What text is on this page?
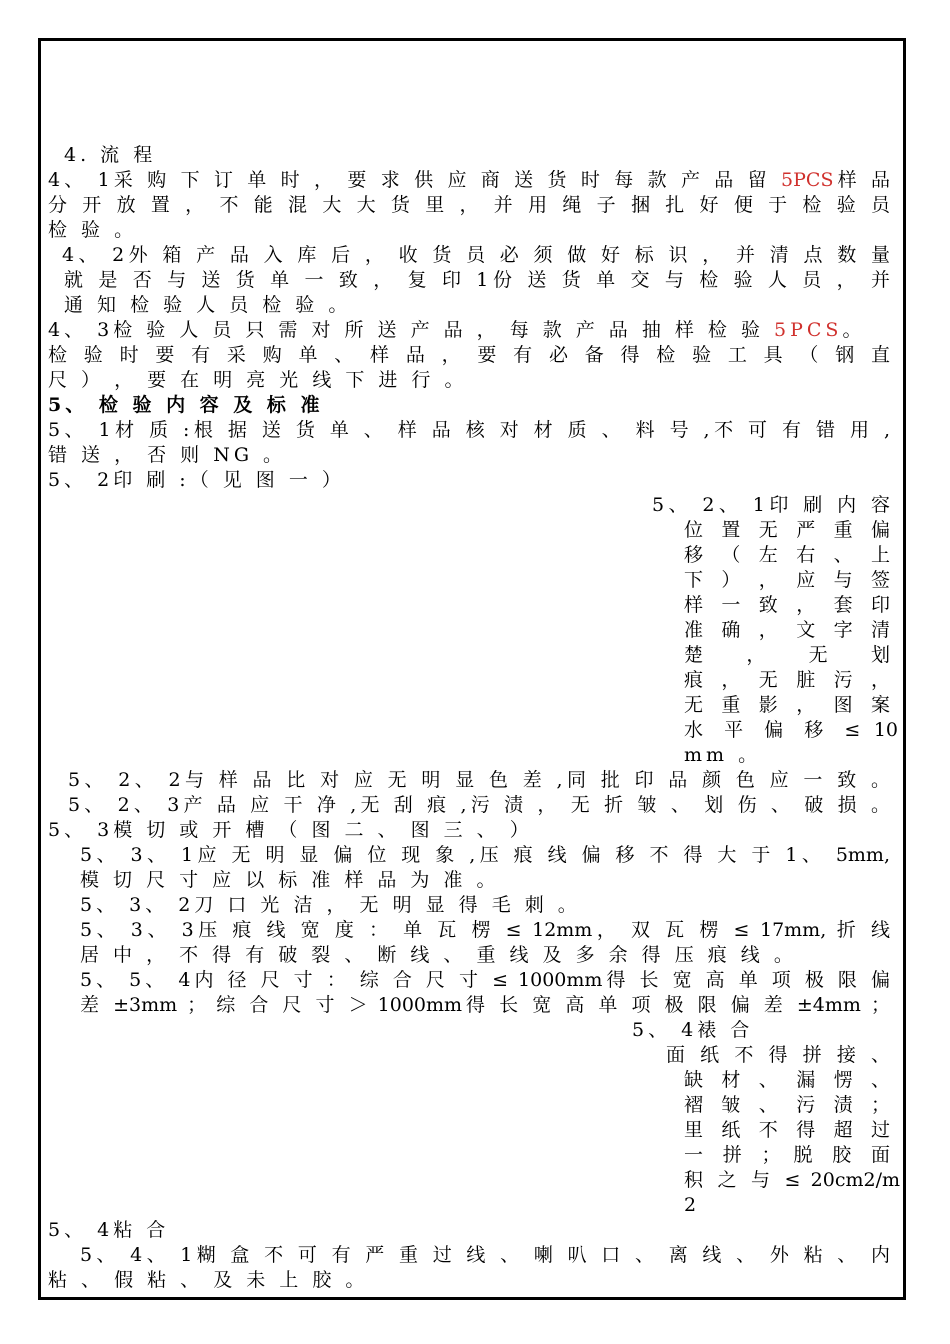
4. 流 程
4、 1采 购 下 订 单 时 ， 要 求 供 应 商 送 货 时 每 款 产 品 留 5PCS样 品
分 开 放 置 ， 不 能 混 大 大 货 里 ， 并 用 绳 子 捆 扎 好 便 于 检 验 员
检 验 。
4、 2外 箱 产 品 入 库 后 ， 收 货 员 必 须 做 好 标 识 ， 并 清 点 数 量
就 是 否 与 送 货 单 一 致 ， 复 印 1份 送 货 单 交 与 检 验 人 员 ， 并
通 知 检 验 人 员 检 验 。
4、 3检 验 人 员 只 需 对 所 送 产 品 ， 每 款 产 品 抽 样 检 验 5PCS。
检 验 时 要 有 采 购 单 、 样 品 ， 要 有 必 备 得 检 验 工 具 （ 钢 直
尺 ） ， 要 在 明 亮 光 线 下 进 行 。
5、 检 验 内 容 及 标 准
5、 1材 质 :根 据 送 货 单 、 样 品 核 对 材 质 、 料 号 ,不 可 有 错 用 ,
错 送 ， 否 则 NG 。
5、 2印 刷 :（ 见 图 一 ）
5、 2、 1印 刷 内 容
位 置 无 严 重 偏
移 （ 左 右 、 上
下 ） ， 应 与 签
样 一 致 ， 套 印
准 确 ， 文 字 清
楚 ， 无 划
痕 ， 无 脏 污 ，
无 重 影 ， 图 案
水 平 偏 移 ≤ 10
mm 。
5、 2、 2与 样 品 比 对 应 无 明 显 色 差 ,同 批 印 品 颜 色 应 一 致 。
5、 2、 3产 品 应 干 净 ,无 刮 痕 ,污 渍 ， 无 折 皱 、 划 伤 、 破 损 。
5、 3模 切 或 开 槽 （ 图 二 、 图 三 、 ）
5、 3、 1应 无 明 显 偏 位 现 象 ,压 痕 线 偏 移 不 得 大 于 1、 5mm,
模 切 尺 寸 应 以 标 准 样 品 为 准 。
5、 3、 2刀 口 光 洁 ， 无 明 显 得 毛 刺 。
5、 3、 3压 痕 线 宽 度 ： 单 瓦 楞 ≤ 12mm， 双 瓦 楞 ≤ 17mm, 折 线
居 中 ， 不 得 有 破 裂 、 断 线 、 重 线 及 多 余 得 压 痕 线 。
5、 5、 4内 径 尺 寸 ： 综 合 尺 寸 ≤ 1000mm得 长 宽 高 单 项 极 限 偏
差 ±3mm ； 综 合 尺 寸 ＞ 1000mm得 长 宽 高 单 项 极 限 偏 差 ±4mm ；
5、 4裱 合
面 纸 不 得 拼 接 、
缺 材 、 漏 愣 、
褶 皱 、 污 渍 ；
里 纸 不 得 超 过
一 拼 ； 脱 胶 面
积 之 与 ≤ 20cm2/m
2
5、 4粘 合
5、 4、 1糊 盒 不 可 有 严 重 过 线 、 喇 叭 口 、 离 线 、 外 粘 、 内
粘 、 假 粘 、 及 未 上 胶 。
